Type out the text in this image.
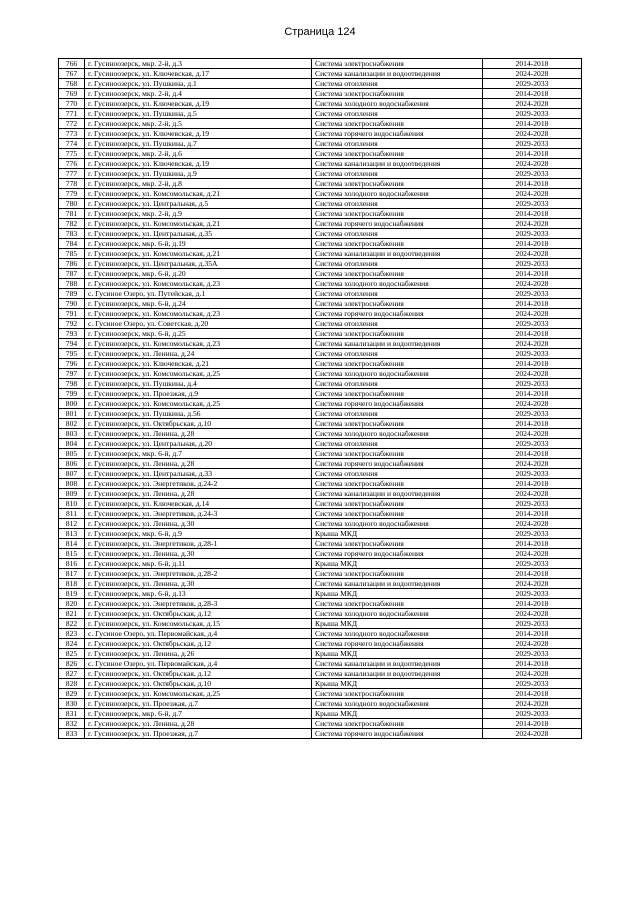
Страница 124
766	г. Гусиноозерск, мкр. 2-й, д.3	Система электроснабжения	2014-2018
767	г. Гусиноозерск, ул. Ключевская, д.17	Система канализации и водоотведения	2024-2028
768	г. Гусиноозерск, ул. Пушкина, д.1	Система отопления	2029-2033
769	г. Гусиноозерск, мкр. 2-й, д.4	Система электроснабжения	2014-2018
770	г. Гусиноозерск, ул. Ключевская, д.19	Система холодного водоснабжения	2024-2028
771	г. Гусиноозерск, ул. Пушкина, д.5	Система отопления	2029-2033
772	г. Гусиноозерск, мкр. 2-й, д.5	Система электроснабжения	2014-2018
773	г. Гусиноозерск, ул. Ключевская, д.19	Система горячего водоснабжения	2024-2028
774	г. Гусиноозерск, ул. Пушкина, д.7	Система отопления	2029-2033
775	г. Гусиноозерск, мкр. 2-й, д.6	Система электроснабжения	2014-2018
776	г. Гусиноозерск, ул. Ключевская, д.19	Система канализации и водоотведения	2024-2028
777	г. Гусиноозерск, ул. Пушкина, д.9	Система отопления	2029-2033
778	г. Гусиноозерск, мкр. 2-й, д.8	Система электроснабжения	2014-2018
779	г. Гусиноозерск, ул. Комсомольская, д.21	Система холодного водоснабжения	2024-2028
780	г. Гусиноозерск, ул. Центральная, д.5	Система отопления	2029-2033
781	г. Гусиноозерск, мкр. 2-й, д.9	Система электроснабжения	2014-2018
782	г. Гусиноозерск, ул. Комсомольская, д.21	Система горячего водоснабжения	2024-2028
783	г. Гусиноозерск, ул. Центральная, д.35	Система отопления	2029-2033
784	г. Гусиноозерск, мкр. 6-й, д.19	Система электроснабжения	2014-2018
785	г. Гусиноозерск, ул. Комсомольская, д.21	Система канализации и водоотведения	2024-2028
786	г. Гусиноозерск, ул. Центральная, д.35А	Система отопления	2029-2033
787	г. Гусиноозерск, мкр. 6-й, д.20	Система электроснабжения	2014-2018
788	г. Гусиноозерск, ул. Комсомольская, д.23	Система холодного водоснабжения	2024-2028
789	с. Гусиное Озеро, ул. Путейская, д.1	Система отопления	2029-2033
790	г. Гусиноозерск, мкр. 6-й, д.24	Система электроснабжения	2014-2018
791	г. Гусиноозерск, ул. Комсомольская, д.23	Система горячего водоснабжения	2024-2028
792	с. Гусиное Озеро, ул. Советская, д.20	Система отопления	2029-2033
793	г. Гусиноозерск, мкр. 6-й, д.25	Система электроснабжения	2014-2018
794	г. Гусиноозерск, ул. Комсомольская, д.23	Система канализации и водоотведения	2024-2028
795	г. Гусиноозерск, ул. Ленина, д.24	Система отопления	2029-2033
796	г. Гусиноозерск, ул. Ключевская, д.21	Система электроснабжения	2014-2018
797	г. Гусиноозерск, ул. Комсомольская, д.25	Система холодного водоснабжения	2024-2028
798	г. Гусиноозерск, ул. Пушкина, д.4	Система отопления	2029-2033
799	г. Гусиноозерск, ул. Проезжая, д.9	Система электроснабжения	2014-2018
800	г. Гусиноозерск, ул. Комсомольская, д.25	Система горячего водоснабжения	2024-2028
801	г. Гусиноозерск, ул. Пушкина, д.56	Система отопления	2029-2033
802	г. Гусиноозерск, ул. Октябрьская, д.10	Система электроснабжения	2014-2018
803	г. Гусиноозерск, ул. Ленина, д.28	Система холодного водоснабжения	2024-2028
804	г. Гусиноозерск, ул. Центральная, д.20	Система отопления	2029-2033
805	г. Гусиноозерск, мкр. 6-й, д.7	Система электроснабжения	2014-2018
806	г. Гусиноозерск, ул. Ленина, д.28	Система горячего водоснабжения	2024-2028
807	г. Гусиноозерск, ул. Центральная, д.33	Система отопления	2029-2033
808	г. Гусиноозерск, ул. Энергетиков, д.24-2	Система электроснабжения	2014-2018
809	г. Гусиноозерск, ул. Ленина, д.28	Система канализации и водоотведения	2024-2028
810	г. Гусиноозерск, ул. Ключевская, д.14	Система электроснабжения	2029-2033
811	г. Гусиноозерск, ул. Энергетиков, д.24-3	Система электроснабжения	2014-2018
812	г. Гусиноозерск, ул. Ленина, д.30	Система холодного водоснабжения	2024-2028
813	г. Гусиноозерск, мкр. 6-й, д.9	Крыша МКД	2029-2033
814	г. Гусиноозерск, ул. Энергетиков, д.28-1	Система электроснабжения	2014-2018
815	г. Гусиноозерск, ул. Ленина, д.30	Система горячего водоснабжения	2024-2028
816	г. Гусиноозерск, мкр. 6-й, д.11	Крыша МКД	2029-2033
817	г. Гусиноозерск, ул. Энергетиков, д.28-2	Система электроснабжения	2014-2018
818	г. Гусиноозерск, ул. Ленина, д.30	Система канализации и водоотведения	2024-2028
819	г. Гусиноозерск, мкр. 6-й, д.13	Крыша МКД	2029-2033
820	г. Гусиноозерск, ул. Энергетиков, д.28-3	Система электроснабжения	2014-2018
821	г. Гусиноозерск, ул. Октябрьская, д.12	Система холодного водоснабжения	2024-2028
822	г. Гусиноозерск, ул. Комсомольская, д.15	Крыша МКД	2029-2033
823	с. Гусиное Озеро, ул. Первомайская, д.4	Система холодного водоснабжения	2014-2018
824	г. Гусиноозерск, ул. Октябрьская, д.12	Система горячего водоснабжения	2024-2028
825	г. Гусиноозерск, ул. Ленина, д.26	Крыша МКД	2029-2033
826	с. Гусиное Озеро, ул. Первомайская, д.4	Система канализации и водоотведения	2014-2018
827	г. Гусиноозерск, ул. Октябрьская, д.12	Система канализации и водоотведения	2024-2028
828	г. Гусиноозерск, ул. Октябрьская, д.10	Крыша МКД	2029-2033
829	г. Гусиноозерск, ул. Комсомольская, д.25	Система электроснабжения	2014-2018
830	г. Гусиноозерск, ул. Проезжая, д.7	Система холодного водоснабжения	2024-2028
831	г. Гусиноозерск, мкр. 6-й, д.7	Крыша МКД	2029-2033
832	г. Гусиноозерск, ул. Ленина, д.28	Система электроснабжения	2014-2018
833	г. Гусиноозерск, ул. Проезжая, д.7	Система горячего водоснабжения	2024-2028
